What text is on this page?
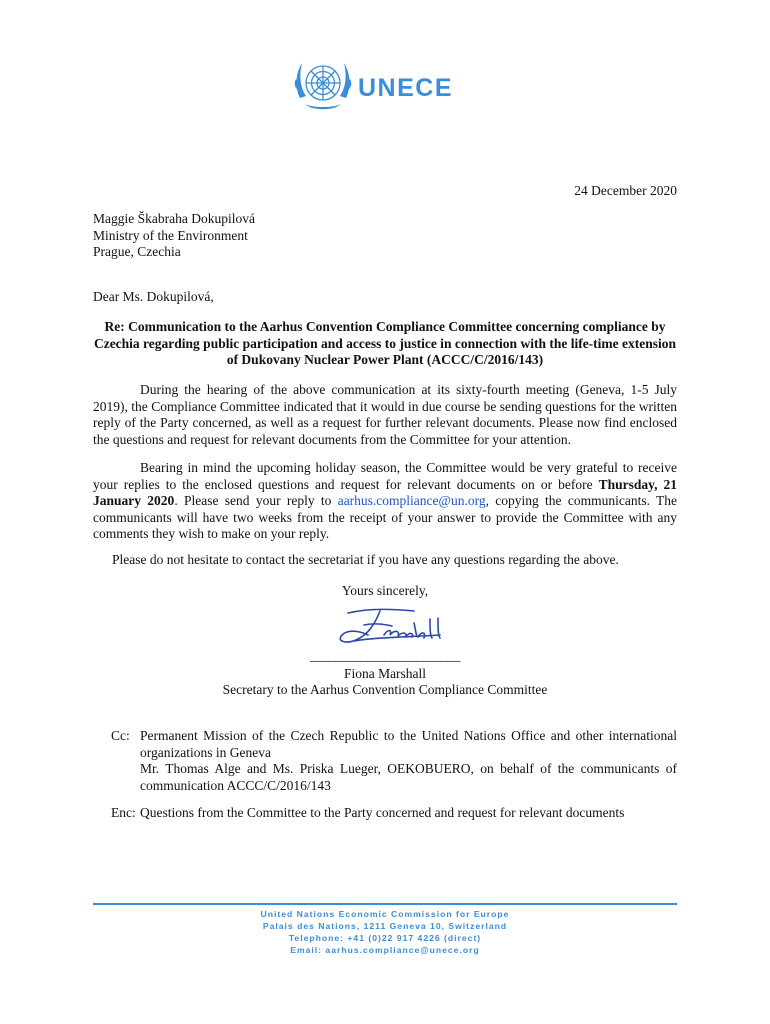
UNECE
24 December 2020
Maggie Škabraha Dokupilová
Ministry of the Environment
Prague, Czechia
Dear Ms. Dokupilová,
Re: Communication to the Aarhus Convention Compliance Committee concerning compliance by Czechia regarding public participation and access to justice in connection with the life-time extension of Dukovany Nuclear Power Plant (ACCC/C/2016/143)

During the hearing of the above communication at its sixty-fourth meeting (Geneva, 1-5 July 2019), the Compliance Committee indicated that it would in due course be sending questions for the written reply of the Party concerned, as well as a request for further relevant documents. Please now find enclosed the questions and request for relevant documents from the Committee for your attention.

Bearing in mind the upcoming holiday season, the Committee would be very grateful to receive your replies to the enclosed questions and request for relevant documents on or before Thursday, 21 January 2020. Please send your reply to aarhus.compliance@un.org, copying the communicants. The communicants will have two weeks from the receipt of your answer to provide the Committee with any comments they wish to make on your reply.

Please do not hesitate to contact the secretariat if you have any questions regarding the above.
Yours sincerely,
________________________
Fiona Marshall
Secretary to the Aarhus Convention Compliance Committee
Cc: Permanent Mission of the Czech Republic to the United Nations Office and other international organizations in Geneva
Mr. Thomas Alge and Ms. Priska Lueger, OEKOBUERO, on behalf of the communicants of communication ACCC/C/2016/143
Enc: Questions from the Committee to the Party concerned and request for relevant documents
United Nations Economic Commission for Europe
Palais des Nations, 1211 Geneva 10, Switzerland
Telephone: +41 (0)22 917 4226 (direct)
Email: aarhus.compliance@unece.org
